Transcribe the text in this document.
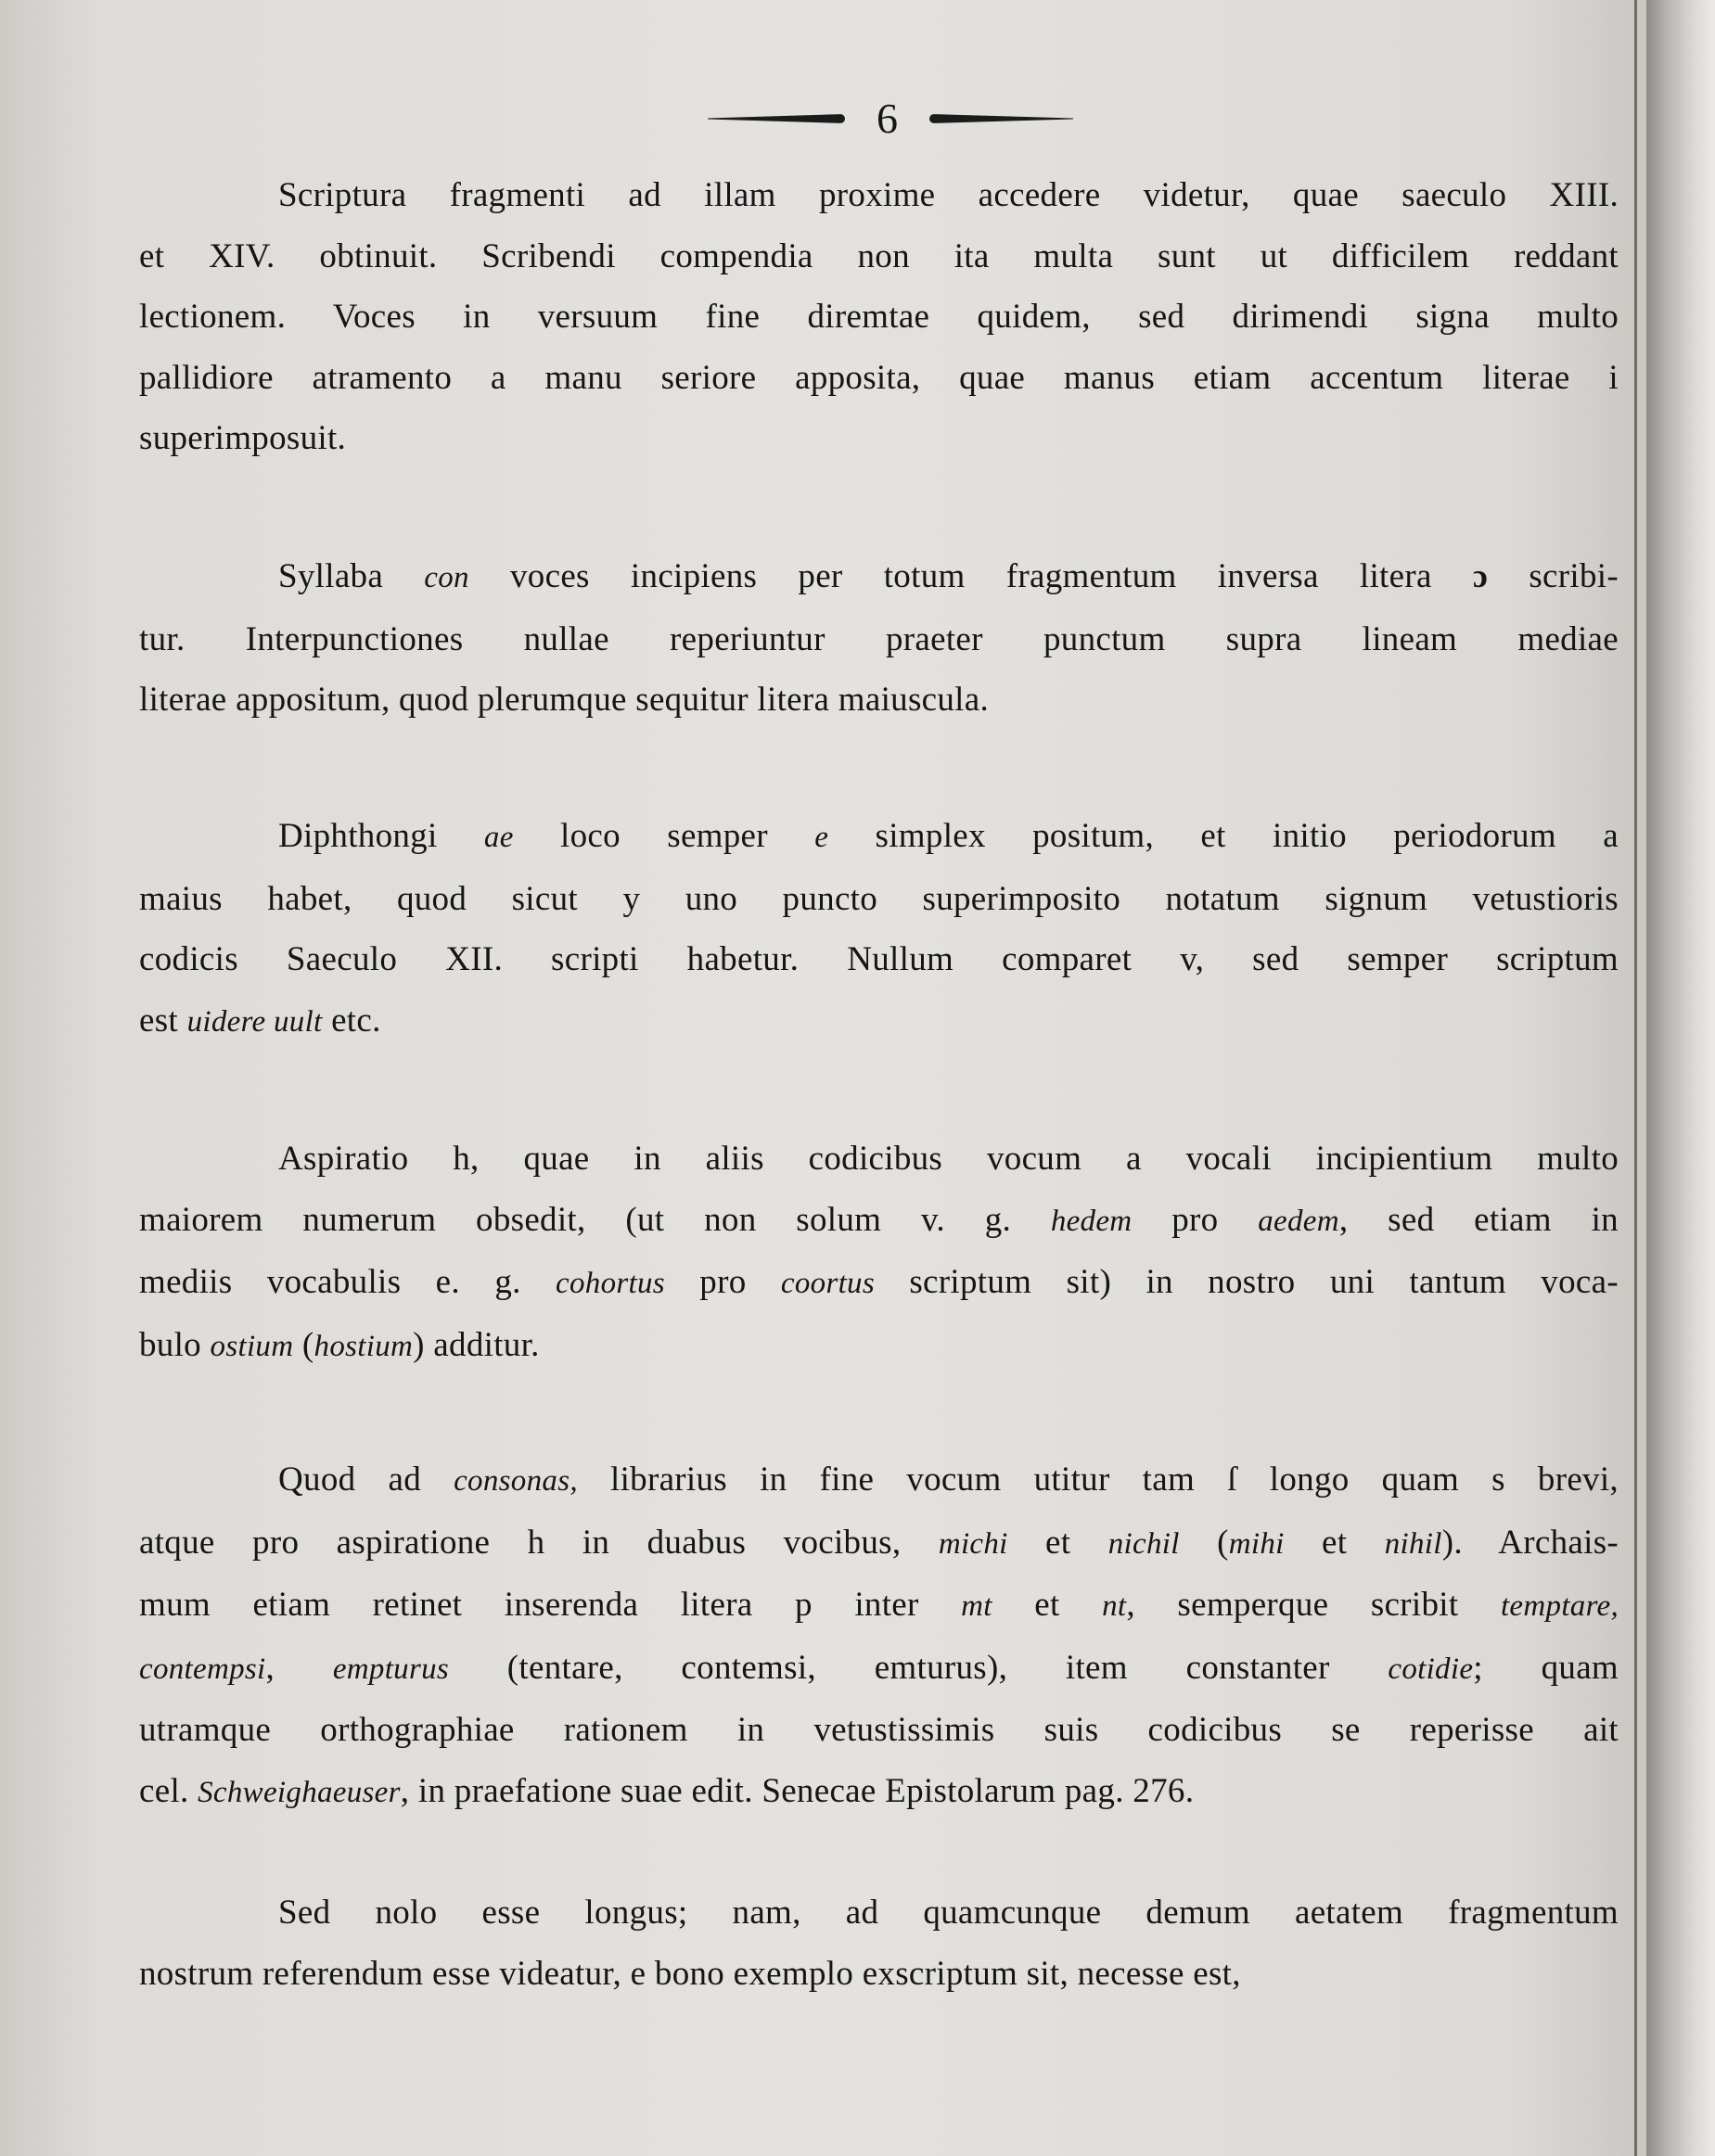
6
Scriptura fragmenti ad illam proxime accedere videtur, quae saeculo XIII.
et XIV. obtinuit. Scribendi compendia non ita multa sunt ut difficilem reddant
lectionem. Voces in versuum fine diremtae quidem, sed dirimendi signa multo
pallidiore atramento a manu seriore apposita, quae manus etiam accentum literae i
superimposuit.
Syllaba con voces incipiens per totum fragmentum inversa litera ɔ scribi-
tur. Interpunctiones nullae reperiuntur praeter punctum supra lineam mediae
literae appositum, quod plerumque sequitur litera maiuscula.
Diphthongi ae loco semper e simplex positum, et initio periodorum a
maius habet, quod sicut y uno puncto superimposito notatum signum vetustioris
codicis Saeculo XII. scripti habetur. Nullum comparet v, sed semper scriptum
est uidere uult etc.
Aspiratio h, quae in aliis codicibus vocum a vocali incipientium multo
maiorem numerum obsedit, (ut non solum v. g. hedem pro aedem, sed etiam in
mediis vocabulis e. g. cohortus pro coortus scriptum sit) in nostro uni tantum voca-
bulo ostium (hostium) additur.
Quod ad consonas, librarius in fine vocum utitur tam ſ longo quam s brevi,
atque pro aspiratione h in duabus vocibus, michi et nichil (mihi et nihil). Archais-
mum etiam retinet inserenda litera p inter mt et nt, semperque scribit temptare,
contempsi, empturus (tentare, contemsi, emturus), item constanter cotidie; quam
utramque orthographiae rationem in vetustissimis suis codicibus se reperisse ait
cel. Schweighaeuser, in praefatione suae edit. Senecae Epistolarum pag. 276.
Sed nolo esse longus; nam, ad quamcunque demum aetatem fragmentum
nostrum referendum esse videatur, e bono exemplo exscriptum sit, necesse est,
